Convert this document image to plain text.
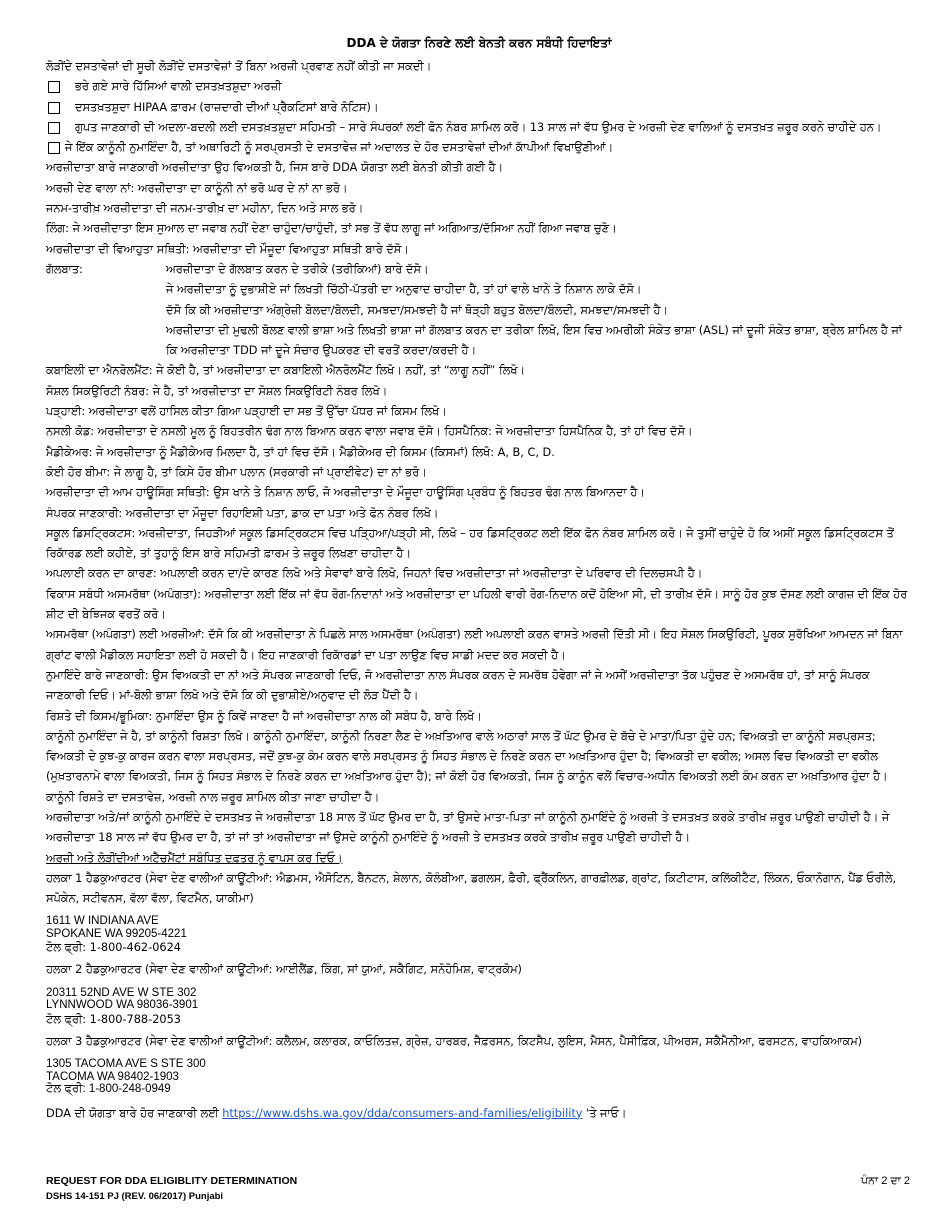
DDA ਦੇ ਯੋਗਤਾ ਨਿਰਣੇ ਲਈ ਬੇਨਤੀ ਕਰਨ ਸਬੰਧੀ ਹਿਦਾਇਤਾਂ
ਲੋੜੀਂਦੇ ਦਸਤਾਵੇਜ਼ਾਂ ਦੀ ਸੂਚੀ ਲੋੜੀਂਦੇ ਦਸਤਾਵੇਜ਼ਾਂ ਤੋਂ ਬਿਨਾ ਅਰਜ਼ੀ ਪ੍ਰਵਾਣ ਨਹੀਂ ਕੀਤੀ ਜਾ ਸਕਦੀ।
ਭਰੇ ਗਏ ਸਾਰੇ ਹਿੱਸਿਆਂ ਵਾਲੀ ਦਸਤਖ਼ਤਸ਼ੁਦਾ ਅਰਜ਼ੀ
ਦਸਤਖ਼ਤਸ਼ੁਦਾ HIPAA ਫ਼ਾਰਮ (ਰਾਜ਼ਦਾਰੀ ਦੀਆਂ ਪ੍ਰੈਕਟਿਸਾਂ ਬਾਰੇ ਨੋਟਿਸ)।
ਗੁਪਤ ਜਾਣਕਾਰੀ ਦੀ ਅਦਲਾ-ਬਦਲੀ ਲਈ ਦਸਤਖ਼ਤਸ਼ੁਦਾ ਸਹਿਮਤੀ – ਸਾਰੇ ਸੰਪਰਕਾਂ ਲਈ ਫੋਨ ਨੰਬਰ ਸ਼ਾਮਿਲ ਕਰੋ। 13 ਸਾਲ ਜਾਂ ਵੱਧ ਉਮਰ ਦੇ ਅਰਜ਼ੀ ਦੇਣ ਵਾਲਿਆਂ ਨੂੰ ਦਸਤਖ਼ਤ ਜ਼ਰੂਰ ਕਰਨੇ ਚਾਹੀਦੇ ਹਨ।
ਜੇ ਇੱਕ ਕਾਨੂੰਨੀ ਨੁਮਾਇੰਦਾ ਹੈ, ਤਾਂ ਅਥਾਰਿਟੀ ਨੂੰ ਸਰਪ੍ਰਸਤੀ ਦੇ ਦਸਤਾਵੇਜ਼ ਜਾਂ ਅਦਾਲਤ ਦੇ ਹੋਰ ਦਸਤਾਵੇਜ਼ਾਂ ਦੀਆਂ ਕਾੱਪੀਆਂ ਵਿਖਾਉਣੀਆਂ।
ਅਰਜ਼ੀਦਾਤਾ ਬਾਰੇ ਜਾਣਕਾਰੀ ਅਰਜ਼ੀਦਾਤਾ ਉਹ ਵਿਅਕਤੀ ਹੈ, ਜਿਸ ਬਾਰੇ DDA ਯੋਗਤਾ ਲਈ ਬੇਨਤੀ ਕੀਤੀ ਗਈ ਹੈ।
ਅਰਜ਼ੀ ਦੇਣ ਵਾਲਾ ਨਾਂ: ਅਰਜ਼ੀਦਾਤਾ ਦਾ ਕਾਨੂੰਨੀ ਨਾਂ ਭਰੋ ਘਰ ਦੇ ਨਾਂ ਨਾ ਭਰੋ।
ਜਨਮ-ਤਾਰੀਖ਼ ਅਰਜ਼ੀਦਾਤਾ ਦੀ ਜਨਮ-ਤਾਰੀਖ਼ ਦਾ ਮਹੀਨਾ, ਦਿਨ ਅਤੇ ਸਾਲ ਭਰੋ।
ਲਿੰਗ: ਜੇ ਅਰਜ਼ੀਦਾਤਾ ਇਸ ਸੁਆਲ ਦਾ ਜਵਾਬ ਨਹੀਂ ਦੇਣਾ ਚਾਹੁੰਦਾ/ਚਾਹੁੰਦੀ, ਤਾਂ ਸਭ ਤੋਂ ਵੱਧ ਲਾਗੂ ਜਾਂ ਅਗਿਆਤ/ਦੱਸਿਆ ਨਹੀਂ ਗਿਆ ਜਵਾਬ ਚੁਣੋ।
ਅਰਜ਼ੀਦਾਤਾ ਦੀ ਵਿਆਹੁਤਾ ਸਥਿਤੀ: ਅਰਜ਼ੀਦਾਤਾ ਦੀ ਮੌਜੂਦਾ ਵਿਆਹੁਤਾ ਸਥਿਤੀ ਬਾਰੇ ਦੱਸੋ।
ਗੱਲਬਾਤ:	ਅਰਜ਼ੀਦਾਤਾ ਦੇ ਗੱਲਬਾਤ ਕਰਨ ਦੇ ਤਰੀਕੇ (ਤਰੀਕਿਆਂ) ਬਾਰੇ ਦੱਸੋ।
ਜੇ ਅਰਜ਼ੀਦਾਤਾ ਨੂੰ ਦੁਭਾਸ਼ੀਏ ਜਾਂ ਲਿਖਤੀ ਚਿੱਠੀ-ਪੱਤਰੀ ਦਾ ਅਨੁਵਾਦ ਚਾਹੀਦਾ ਹੈ, ਤਾਂ ਹਾਂ ਵਾਲੇ ਖਾਨੇ ਤੇ ਨਿਸ਼ਾਨ ਲਾਕੇ ਦੱਸੋ।
ਦੱਸੋ ਕਿ ਕੀ ਅਰਜ਼ੀਦਾਤਾ ਅੰਗ੍ਰੇਜ਼ੀ ਬੋਲਦਾ/ਬੋਲਦੀ, ਸਮਝਦਾ/ਸਮਝਦੀ ਹੈ ਜਾਂ ਥੋੜ੍ਹੀ ਬਹੁਤ ਬੋਲਦਾ/ਬੋਲਦੀ, ਸਮਝਦਾ/ਸਮਝਦੀ ਹੈ।
ਅਰਜ਼ੀਦਾਤਾ ਦੀ ਮੁਢਲੀ ਬੋਲਣ ਵਾਲੀ ਭਾਸ਼ਾ ਅਤੇ ਲਿਖਤੀ ਭਾਸ਼ਾ ਜਾਂ ਗੱਲਬਾਤ ਕਰਨ ਦਾ ਤਰੀਕਾ ਲਿਖੋ, ਇਸ ਵਿਚ ਅਮਰੀਕੀ ਸੰਕੇਤ ਭਾਸ਼ਾ (ASL) ਜਾਂ ਦੂਜੀ ਸੰਕੇਤ ਭਾਸ਼ਾ, ਬ੍ਰੇਲ ਸ਼ਾਮਿਲ ਹੈ ਜਾਂ ਕਿ ਅਰਜ਼ੀਦਾਤਾ TDD ਜਾਂ ਦੂਜੇ ਸੰਚਾਰ ਉਪਕਰਣ ਦੀ ਵਰਤੋਂ ਕਰਦਾ/ਕਰਦੀ ਹੈ।
ਕਬਾਇਲੀ ਦਾ ਐਨਰੋਲਮੈਂਟ: ਜੇ ਕੋਈ ਹੈ, ਤਾਂ ਅਰਜ਼ੀਦਾਤਾ ਦਾ ਕਬਾਇਲੀ ਐਨਰੋਲਮੈਂਟ ਲਿਖੋ। ਨਹੀਂ, ਤਾਂ “ਲਾਗੂ ਨਹੀਂ” ਲਿਖੋ।
ਸੋਸ਼ਲ ਸਿਕਉਰਿਟੀ ਨੰਬਰ: ਜੇ ਹੈ, ਤਾਂ ਅਰਜ਼ੀਦਾਤਾ ਦਾ ਸੋਸ਼ਲ ਸਿਕਉਰਿਟੀ ਨੰਬਰ ਲਿਖੋ।
ਪੜ੍ਹਾਈ: ਅਰਜ਼ੀਦਾਤਾ ਵਲੋਂ ਹਾਸਿਲ ਕੀਤਾ ਗਿਆ ਪੜ੍ਹਾਈ ਦਾ ਸਭ ਤੋਂ ਉੱਚਾ ਪੱਧਰ ਜਾਂ ਕਿਸਮ ਲਿਖੋ।
ਨਸਲੀ ਕੋਡ: ਅਰਜ਼ੀਦਾਤਾ ਦੇ ਨਸਲੀ ਮੂਲ ਨੂੰ ਬਿਹਤਰੀਨ ਢੰਗ ਨਾਲ ਬਿਆਨ ਕਰਨ ਵਾਲਾ ਜਵਾਬ ਦੱਸੋ। ਹਿਸਪੈਨਿਕ: ਜੇ ਅਰਜ਼ੀਦਾਤਾ ਹਿਸਪੈਨਿਕ ਹੈ, ਤਾਂ ਹਾਂ ਵਿਚ ਦੱਸੋ।
ਮੈਡੀਕੇਅਰ: ਜੇ ਅਰਜ਼ੀਦਾਤਾ ਨੂੰ ਮੈਡੀਕੇਅਰ ਮਿਲਦਾ ਹੈ, ਤਾਂ ਹਾਂ ਵਿਚ ਦੱਸੋ। ਮੈਡੀਕੇਅਰ ਦੀ ਕਿਸਮ (ਕਿਸਮਾਂ) ਲਿਖੋ: A, B, C, D.
ਕੋਈ ਹੋਰ ਬੀਮਾ: ਜੇ ਲਾਗੂ ਹੈ, ਤਾਂ ਕਿਸੇ ਹੋਰ ਬੀਮਾ ਪਲਾਨ (ਸਰਕਾਰੀ ਜਾਂ ਪ੍ਰਾਈਵੇਟ) ਦਾ ਨਾਂ ਭਰੋ।
ਅਰਜ਼ੀਦਾਤਾ ਦੀ ਆਮ ਹਾਊਸਿੰਗ ਸਥਿਤੀ: ਉਸ ਖਾਨੇ ਤੇ ਨਿਸ਼ਾਨ ਲਾਓ, ਜੋ ਅਰਜ਼ੀਦਾਤਾ ਦੇ ਮੌਜੂਦਾ ਹਾਊਸਿੰਗ ਪ੍ਰਬੰਧ ਨੂੰ ਬਿਹਤਰ ਢੰਗ ਨਾਲ ਬਿਆਨਦਾ ਹੈ।
ਸੰਪਰਕ ਜਾਣਕਾਰੀ: ਅਰਜ਼ੀਦਾਤਾ ਦਾ ਮੌਜੂਦਾ ਰਿਹਾਇਸ਼ੀ ਪਤਾ, ਡਾਕ ਦਾ ਪਤਾ ਅਤੇ ਫੋਨ ਨੰਬਰ ਲਿਖੋ।
ਸਕੂਲ ਡਿਸਟ੍ਰਿਕਟਸ: ਅਰਜ਼ੀਦਾਤਾ, ਜਿਹੜੀਆਂ ਸਕੂਲ ਡਿਸਟ੍ਰਿਕਟਸ ਵਿਚ ਪੜ੍ਹਿਆ/ਪੜ੍ਹੀ ਸੀ, ਲਿਖੋ – ਹਰ ਡਿਸਟ੍ਰਿਕਟ ਲਈ ਇੱਕ ਫੋਨ ਨੰਬਰ ਸ਼ਾਮਿਲ ਕਰੋ। ਜੇ ਤੁਸੀਂ ਚਾਹੁੰਦੇ ਹੋ ਕਿ ਅਸੀਂ ਸਕੂਲ ਡਿਸਟ੍ਰਿਕਟਸ ਤੋਂ ਰਿਕਾੱਰਡ ਲਈ ਕਹੀਏ, ਤਾਂ ਤੁਹਾਨੂੰ ਇਸ ਬਾਰੇ ਸਹਿਮਤੀ ਫ਼ਾਰਮ ਤੇ ਜ਼ਰੂਰ ਲਿਖਣਾ ਚਾਹੀਦਾ ਹੈ।
ਅਪਲਾਈ ਕਰਨ ਦਾ ਕਾਰਣ: ਅਪਲਾਈ ਕਰਨ ਦਾ/ਦੇ ਕਾਰਣ ਲਿਖੋ ਅਤੇ ਸੇਵਾਵਾਂ ਬਾਰੇ ਲਿਖੋ, ਜਿਹਨਾਂ ਵਿਚ ਅਰਜ਼ੀਦਾਤਾ ਜਾਂ ਅਰਜ਼ੀਦਾਤਾ ਦੇ ਪਰਿਵਾਰ ਦੀ ਦਿਲਚਸਪੀ ਹੈ।
ਵਿਕਾਸ ਸਬੰਧੀ ਅਸਮਰੱਥਾ (ਅਪੰਗਤਾ): ਅਰਜ਼ੀਦਾਤਾ ਲਈ ਇੱਕ ਜਾਂ ਵੱਧ ਰੋਗ-ਨਿਦਾਨਾਂ ਅਤੇ ਅਰਜ਼ੀਦਾਤਾ ਦਾ ਪਹਿਲੀ ਵਾਰੀ ਰੋਗ-ਨਿਦਾਨ ਕਦੋਂ ਹੋਇਆ ਸੀ, ਦੀ ਤਾਰੀਖ਼ ਦੱਸੋ। ਸਾਨੂੰ ਹੋਰ ਕੁਝ ਦੱਸਣ ਲਈ ਕਾਗਜ਼ ਦੀ ਇੱਕ ਹੋਰ ਸ਼ੀਟ ਦੀ ਬੇਝਿਜਕ ਵਰਤੋਂ ਕਰੋ।
ਅਸਮਰੱਥਾ (ਅਪੰਗਤਾ) ਲਈ ਅਰਜ਼ੀਆਂ: ਦੱਸੋ ਕਿ ਕੀ ਅਰਜ਼ੀਦਾਤਾ ਨੇ ਪਿਛਲੇ ਸਾਲ ਅਸਮਰੱਥਾ (ਅਪੰਗਤਾ) ਲਈ ਅਪਲਾਈ ਕਰਨ ਵਾਸਤੇ ਅਰਜ਼ੀ ਦਿੱਤੀ ਸੀ। ਇਹ ਸੋਸ਼ਲ ਸਿਕਉਰਿਟੀ, ਪੂਰਕ ਸੁਰੱਖਿਆ ਆਮਦਨ ਜਾਂ ਬਿਨਾ ਗ੍ਰਾਂਟ ਵਾਲੀ ਮੈਡੀਕਲ ਸਹਾਇਤਾ ਲਈ ਹੋ ਸਕਦੀ ਹੈ। ਇਹ ਜਾਣਕਾਰੀ ਰਿਕਾੱਰਡਾਂ ਦਾ ਪਤਾ ਲਾਉਣ ਵਿਚ ਸਾਡੀ ਮਦਦ ਕਰ ਸਕਦੀ ਹੈ।
ਨੁਮਾਇੰਦੇ ਬਾਰੇ ਜਾਣਕਾਰੀ: ਉਸ ਵਿਅਕਤੀ ਦਾ ਨਾਂ ਅਤੇ ਸੰਪਰਕ ਜਾਣਕਾਰੀ ਦਿਓ, ਜੋ ਅਰਜ਼ੀਦਾਤਾ ਨਾਲ ਸੰਪਰਕ ਕਰਨ ਦੇ ਸਮਰੱਥ ਹੋਵੇਗਾ ਜਾਂ ਜੇ ਅਸੀਂ ਅਰਜ਼ੀਦਾਤਾ ਤੱਕ ਪਹੁੰਚਣ ਦੇ ਅਸਮਰੱਥ ਹਾਂ, ਤਾਂ ਸਾਨੂੰ ਸੰਪਰਕ ਜਾਣਕਾਰੀ ਦਿਓ। ਮਾਂ-ਬੋਲੀ ਭਾਸ਼ਾ ਲਿਖੋ ਅਤੇ ਦੱਸੋ ਕਿ ਕੀ ਦੁਭਾਸ਼ੀਏ/ਅਨੁਵਾਦ ਦੀ ਲੋੜ ਪੈਂਦੀ ਹੈ।
ਰਿਸ਼ਤੇ ਦੀ ਕਿਸਮ/ਭੂਮਿਕਾ: ਨੁਮਾਇੰਦਾ ਉਸ ਨੂੰ ਕਿਵੇਂ ਜਾਣਦਾ ਹੈ ਜਾਂ ਅਰਜ਼ੀਦਾਤਾ ਨਾਲ ਕੀ ਸਬੰਧ ਹੈ, ਬਾਰੇ ਲਿਖੋ।
ਕਾਨੂੰਨੀ ਨੁਮਾਇੰਦਾ ਜੇ ਹੈ, ਤਾਂ ਕਾਨੂੰਨੀ ਰਿਸ਼ਤਾ ਲਿਖੋ। ਕਾਨੂੰਨੀ ਨੁਮਾਇੰਦਾ, ਕਾਨੂੰਨੀ ਨਿਰਣਾ ਲੈਣ ਦੇ ਅਖ਼ਤਿਆਰ ਵਾਲੇ ਅਠਾਰਾਂ ਸਾਲ ਤੋਂ ਘੱਟ ਉਮਰ ਦੇ ਬੱਚੇ ਦੇ ਮਾਤਾ/ਪਿਤਾ ਹੁੰਦੇ ਹਨ; ਵਿਅਕਤੀ ਦਾ ਕਾਨੂੰਨੀ ਸਰਪ੍ਰਸਤ; ਵਿਅਕਤੀ ਦੇ ਕੁਝ-ਕੁ ਕਾਰਜ ਕਰਨ ਵਾਲਾ ਸਰਪ੍ਰਸਤ, ਜਦੋਂ ਕੁਝ-ਕੁ ਕੰਮ ਕਰਨ ਵਾਲੇ ਸਰਪ੍ਰਸਤ ਨੂੰ ਸਿਹਤ ਸੰਭਾਲ ਦੇ ਨਿਰਣੇ ਕਰਨ ਦਾ ਅਖ਼ਤਿਆਰ ਹੁੰਦਾ ਹੈ; ਵਿਅਕਤੀ ਦਾ ਵਕੀਲ; ਅਸਲ ਵਿਚ ਵਿਅਕਤੀ ਦਾ ਵਕੀਲ (ਮੁਖ਼ਤਾਰਨਾਮੇ ਵਾਲਾ ਵਿਅਕਤੀ, ਜਿਸ ਨੂੰ ਸਿਹਤ ਸੰਭਾਲ ਦੇ ਨਿਰਣੇ ਕਰਨ ਦਾ ਅਖ਼ਤਿਆਰ ਹੁੰਦਾ ਹੈ); ਜਾਂ ਕੋਈ ਹੋਰ ਵਿਅਕਤੀ, ਜਿਸ ਨੂੰ ਕਾਨੂੰਨ ਵਲੋਂ ਵਿਚਾਰ-ਅਧੀਨ ਵਿਅਕਤੀ ਲਈ ਕੰਮ ਕਰਨ ਦਾ ਅਖ਼ਤਿਆਰ ਹੁੰਦਾ ਹੈ। ਕਾਨੂੰਨੀ ਰਿਸ਼ਤੇ ਦਾ ਦਸਤਾਵੇਜ਼, ਅਰਜ਼ੀ ਨਾਲ ਜ਼ਰੂਰ ਸ਼ਾਮਿਲ ਕੀਤਾ ਜਾਣਾ ਚਾਹੀਦਾ ਹੈ।
ਅਰਜ਼ੀਦਾਤਾ ਅਤੇ/ਜਾਂ ਕਾਨੂੰਨੀ ਨੁਮਾਇੰਦੇ ਦੇ ਦਸਤਖ਼ਤ ਜੇ ਅਰਜ਼ੀਦਾਤਾ 18 ਸਾਲ ਤੋਂ ਘੱਟ ਉਮਰ ਦਾ ਹੈ, ਤਾਂ ਉਸਦੇ ਮਾਤਾ-ਪਿਤਾ ਜਾਂ ਕਾਨੂੰਨੀ ਨੁਮਾਇੰਦੇ ਨੂੰ ਅਰਜ਼ੀ ਤੇ ਦਸਤਖ਼ਤ ਕਰਕੇ ਤਾਰੀਖ਼ ਜ਼ਰੂਰ ਪਾਉਣੀ ਚਾਹੀਦੀ ਹੈ। ਜੇ ਅਰਜ਼ੀਦਾਤਾ 18 ਸਾਲ ਜਾਂ ਵੱਧ ਉਮਰ ਦਾ ਹੈ, ਤਾਂ ਜਾਂ ਤਾਂ ਅਰਜ਼ੀਦਾਤਾ ਜਾਂ ਉਸਦੇ ਕਾਨੂੰਨੀ ਨੁਮਾਇੰਦੇ ਨੂੰ ਅਰਜ਼ੀ ਤੇ ਦਸਤਖ਼ਤ ਕਰਕੇ ਤਾਰੀਖ਼ ਜ਼ਰੂਰ ਪਾਉਣੀ ਚਾਹੀਦੀ ਹੈ।
ਅਰਜ਼ੀ ਅਤੇ ਲੋੜੀਂਦੀਆਂ ਅਟੈਚਮੈਂਟਾਂ ਸਬੰਧਿਤ ਦਫ਼ਤਰ ਨੂੰ ਵਾਪਸ ਕਰ ਦਿਓ।
ਹਲਕਾ 1 ਹੈਡਕੁਆਰਟਰ (ਸੇਵਾ ਦੇਣ ਵਾਲੀਆਂ ਕਾਊਂਟੀਆਂ: ਐਡਮਸ, ਐਸੋਟਿਨ, ਬੈਨਟਨ, ਸ਼ੇਲਾਨ, ਕੋਲੰਬੀਆ, ਡਗਲਸ, ਫ਼ੈਰੀ, ਫ੍ਰੈਂਕਲਿਨ, ਗਾਰਫ਼ੀਲਡ, ਗ੍ਰਾਂਟ, ਕਿਟੀਟਾਸ, ਕਲਿੱਕੀਟੈਟ, ਲਿੰਕਨ, ਓਕਾਨੋਗਾਨ, ਪੈਂਡ ਓਰੀਲੇ, ਸਪੋਕੇਨ, ਸਟੀਵਨਸ, ਵੱਲਾ ਵੱਲਾ, ਵਿਟਮੈਨ, ਯਾਕੀਮਾ)
1611 W INDIANA AVE
SPOKANE WA 99205-4221
ਟੋਲ ਫ੍ਰੀ: 1-800-462-0624
ਹਲਕਾ 2 ਹੈਡਕੁਆਰਟਰ (ਸੇਵਾ ਦੇਣ ਵਾਲੀਆਂ ਕਾਊਂਟੀਆਂ: ਆਈਲੈਂਡ, ਕਿੰਗ, ਸਾਂ ਯੁਆਂ, ਸਕੈਗਿਟ, ਸਨੋਹੋਮਿਸ਼, ਵਾਟ੍ਰਕੋਮ)
20311 52ND AVE W STE 302
LYNNWOOD WA 98036-3901
ਟੋਲ ਫ੍ਰੀ: 1-800-788-2053
ਹਲਕਾ 3 ਹੈਡਕੁਆਰਟਰ (ਸੇਵਾ ਦੇਣ ਵਾਲੀਆਂ ਕਾਊਂਟੀਆਂ: ਕਲੈਲਮ, ਕਲਾਰਕ, ਕਾਓਲਿਤਜ਼, ਗ੍ਰੇਜ਼, ਹਾਰਬਰ, ਜੈਫ਼ਰਸਨ, ਕਿਟਸੈਪ, ਲੁਇਸ, ਮੈਸਨ, ਪੈਸੀਫ਼ਿਕ, ਪੀਅਰਸ, ਸਕੈਮੈਨੀਆ, ਫਰਸਟਨ, ਵਾਹਕਿਆਕਮ)
1305 TACOMA AVE S STE 300
TACOMA WA 98402-1903
ਟੋਲ ਫ੍ਰੀ: 1-800-248-0949
DDA ਦੀ ਯੋਗਤਾ ਬਾਰੇ ਹੋਰ ਜਾਣਕਾਰੀ ਲਈ https://www.dshs.wa.gov/dda/consumers-and-families/eligibility 'ਤੇ ਜਾਓ।
REQUEST FOR DDA ELIGIBLITY DETERMINATION
DSHS 14-151 PJ (REV. 06/2017) Punjabi
ਪੰਨਾ 2 ਦਾ 2
